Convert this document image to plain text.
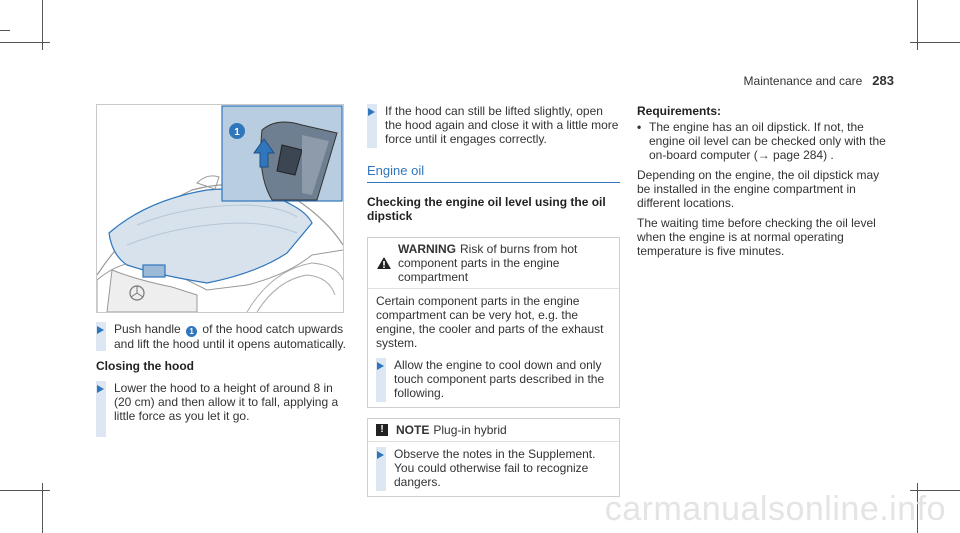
Maintenance and care 283
1
Push handle 1 of the hood catch upwards and lift the hood until it opens automatically.

Closing the hood

Lower the hood to a height of around 8 in (20 cm) and then allow it to fall, applying a little force as you let it go.
If the hood can still be lifted slightly, open the hood again and close it with a little more force until it engages correctly.
Engine oil

Checking the engine oil level using the oil dipstick

WARNING Risk of burns from hot component parts in the engine compartment

Certain component parts in the engine compartment can be very hot, e.g. the engine, the cooler and parts of the exhaust system.

Allow the engine to cool down and only touch component parts described in the following.
!	NOTE Plug-in hybrid
Observe the notes in the Supplement. You could otherwise fail to recognize dangers.

Requirements:

• The engine has an oil dipstick. If not, the engine oil level can be checked only with the on-board computer (→ page 284) .

Depending on the engine, the oil dipstick may be installed in the engine compartment in different locations.

The waiting time before checking the oil level when the engine is at normal operating temperature is five minutes.

carmanualsonline.info
